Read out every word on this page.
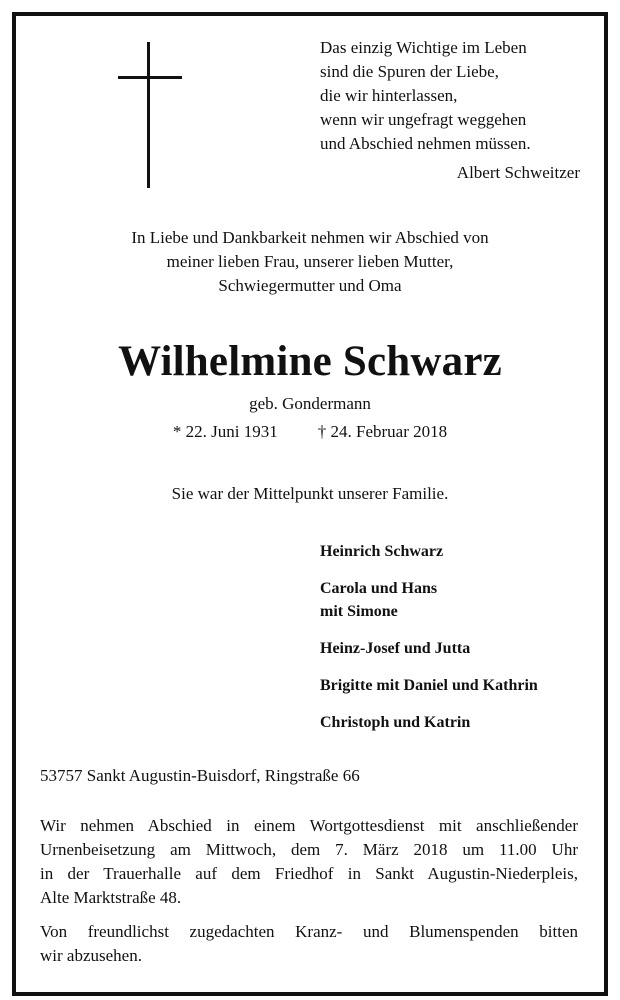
Das einzig Wichtige im Leben
sind die Spuren der Liebe,
die wir hinterlassen,
wenn wir ungefragt weggehen
und Abschied nehmen müssen.
Albert Schweitzer
In Liebe und Dankbarkeit nehmen wir Abschied von
meiner lieben Frau, unserer lieben Mutter,
Schwiegermutter und Oma
Wilhelmine Schwarz
geb. Gondermann
* 22. Juni 1931 † 24. Februar 2018
Sie war der Mittelpunkt unserer Familie.
Heinrich Schwarz
Carola und Hans
mit Simone
Heinz-Josef und Jutta
Brigitte mit Daniel und Kathrin
Christoph und Katrin
53757 Sankt Augustin-Buisdorf, Ringstraße 66
Wir nehmen Abschied in einem Wortgottesdienst mit anschließender
Urnenbeisetzung am Mittwoch, dem 7. März 2018 um 11.00 Uhr
in der Trauerhalle auf dem Friedhof in Sankt Augustin-Niederpleis,
Alte Marktstraße 48.
Von freundlichst zugedachten Kranz- und Blumenspenden bitten
wir abzusehen.
